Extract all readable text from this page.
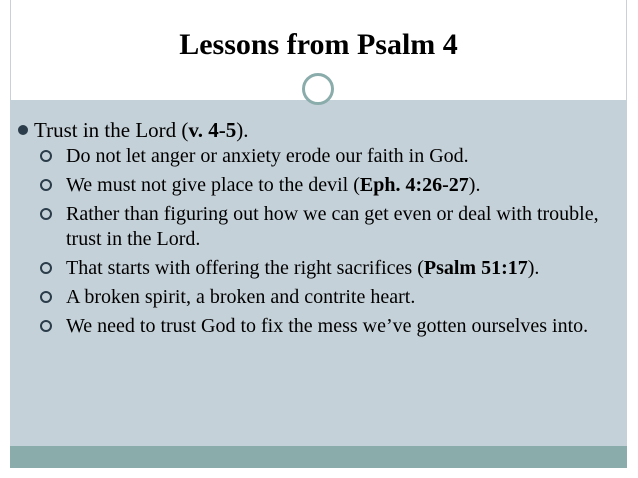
Lessons from Psalm 4
Trust in the Lord (v. 4-5).
Do not let anger or anxiety erode our faith in God.
We must not give place to the devil (Eph. 4:26-27).
Rather than figuring out how we can get even or deal with trouble, trust in the Lord.
That starts with offering the right sacrifices (Psalm 51:17).
A broken spirit, a broken and contrite heart.
We need to trust God to fix the mess we’ve gotten ourselves into.
